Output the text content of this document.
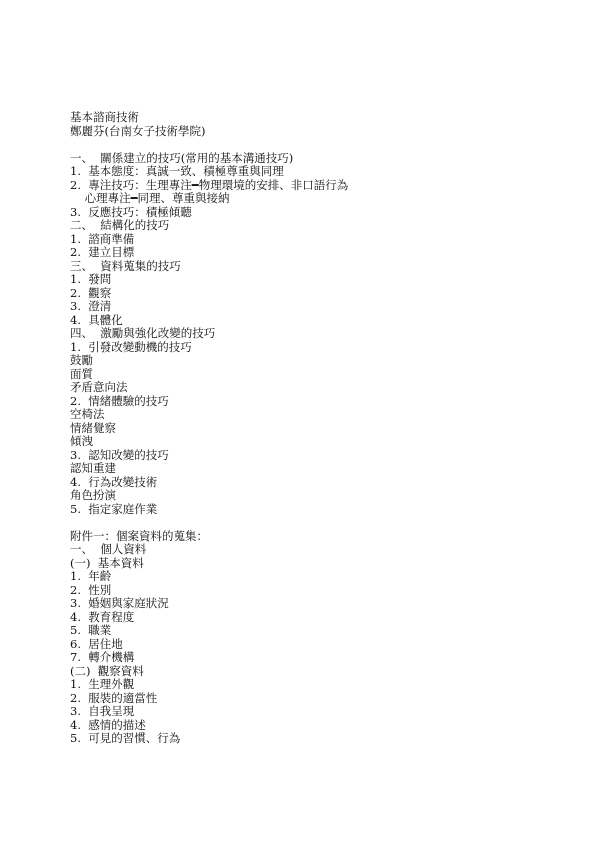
基本諮商技術
鄭麗芬(台南女子技術學院)
一、  關係建立的技巧(常用的基本溝通技巧)
1.  基本態度：真誠一致、積極尊重與同理
2.  專注技巧：生理專注━物理環境的安排、非口語行為
心理專注━同理、尊重與接納
3.  反應技巧：積極傾聽
二、  結構化的技巧
1.  諮商準備
2.  建立目標
三、  資料蒐集的技巧
1.  發問
2.  觀察
3.  澄清
4.  具體化
四、  激勵與強化改變的技巧
1.  引發改變動機的技巧
鼓勵
面質
矛盾意向法
2.  情緒體驗的技巧
空椅法
情緒覺察
傾洩
3.  認知改變的技巧
認知重建
4.  行為改變技術
角色扮演
5.  指定家庭作業
附件一：個案資料的蒐集：
一、  個人資料
(一)  基本資料
1.  年齡
2.  性別
3.  婚姻與家庭狀況
4.  教育程度
5.  職業
6.  居住地
7.  轉介機構
(二)  觀察資料
1.  生理外觀
2.  服裝的適當性
3.  自我呈現
4.  感情的描述
5.  可見的習慣、行為
